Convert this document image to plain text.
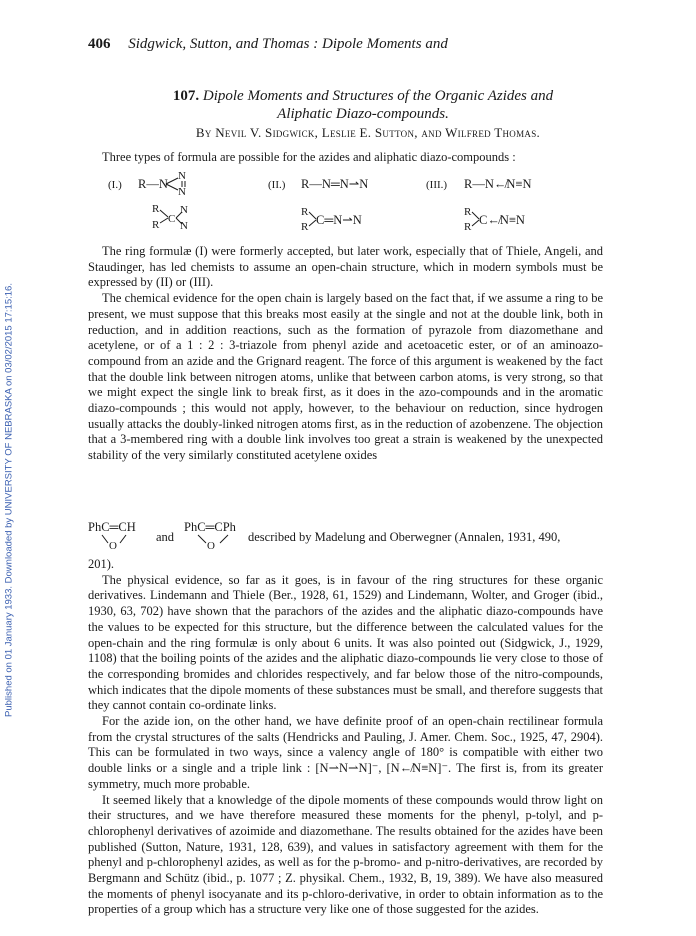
Published on 01 January 1933. Downloaded by UNIVERSITY OF NEBRASKA on 03/02/2015 17:15:16.
406 Sidgwick, Sutton, and Thomas : Dipole Moments and
107. Dipole Moments and Structures of the Organic Azides and
Aliphatic Diazo-compounds.
By Nevil V. Sidgwick, Leslie E. Sutton, and Wilfred Thomas.

Three types of formula are possible for the azides and aliphatic diazo-compounds :

(I.) R—N
N
N
R
R C
N
N
(II.) R—N═N⇀N
R
R C═N⇀N
(III.) R—N↚N≡N
R
R C↚N≡N

The ring formulæ (I) were formerly accepted, but later work, especially that of Thiele, Angeli, and Staudinger, has led chemists to assume an open-chain structure, which in modern symbols must be expressed by (II) or (III).

The chemical evidence for the open chain is largely based on the fact that, if we assume a ring to be present, we must suppose that this breaks most easily at the single and not at the double link, both in reduction, and in addition reactions, such as the formation of pyrazole from diazomethane and acetylene, or of a 1 : 2 : 3-triazole from phenyl azide and acetoacetic ester, or of an aminoazo-compound from an azide and the Grignard reagent. The force of this argument is weakened by the fact that the double link between nitrogen atoms, unlike that between carbon atoms, is very strong, so that we might expect the single link to break first, as it does in the azo-compounds and in the aromatic diazo-compounds ; this would not apply, however, to the behaviour on reduction, since hydrogen usually attacks the doubly-linked nitrogen atoms first, as in the reduction of azobenzene. The objection that a 3-membered ring with a double link involves too great a strain is weakened by the unexpected stability of the very similarly constituted acetylene oxides

PhC═CH
O
and
PhC═CPh
O
described by Madelung and Oberwegner (Annalen, 1931, 490,

201).

The physical evidence, so far as it goes, is in favour of the ring structures for these organic derivatives. Lindemann and Thiele (Ber., 1928, 61, 1529) and Lindemann, Wolter, and Groger (ibid., 1930, 63, 702) have shown that the parachors of the azides and the aliphatic diazo-compounds have the values to be expected for this structure, but the difference between the calculated values for the open-chain and the ring formulæ is only about 6 units. It was also pointed out (Sidgwick, J., 1929, 1108) that the boiling points of the azides and the aliphatic diazo-compounds lie very close to those of the corresponding bromides and chlorides respectively, and far below those of the nitro-compounds, which indicates that the dipole moments of these substances must be small, and therefore suggests that they cannot contain co-ordinate links.

For the azide ion, on the other hand, we have definite proof of an open-chain rectilinear formula from the crystal structures of the salts (Hendricks and Pauling, J. Amer. Chem. Soc., 1925, 47, 2904). This can be formulated in two ways, since a valency angle of 180° is compatible with either two double links or a single and a triple link : [N⇀N⇀N]⁻, [N↚N≡N]⁻. The first is, from its greater symmetry, much more probable.

It seemed likely that a knowledge of the dipole moments of these compounds would throw light on their structures, and we have therefore measured these moments for the phenyl, p-tolyl, and p-chlorophenyl derivatives of azoimide and diazomethane. The results obtained for the azides have been published (Sutton, Nature, 1931, 128, 639), and values in satisfactory agreement with them for the phenyl and p-chlorophenyl azides, as well as for the p-bromo- and p-nitro-derivatives, are recorded by Bergmann and Schütz (ibid., p. 1077 ; Z. physikal. Chem., 1932, B, 19, 389). We have also measured the moments of phenyl isocyanate and its p-chloro-derivative, in order to obtain information as to the properties of a group which has a structure very like one of those suggested for the azides.
